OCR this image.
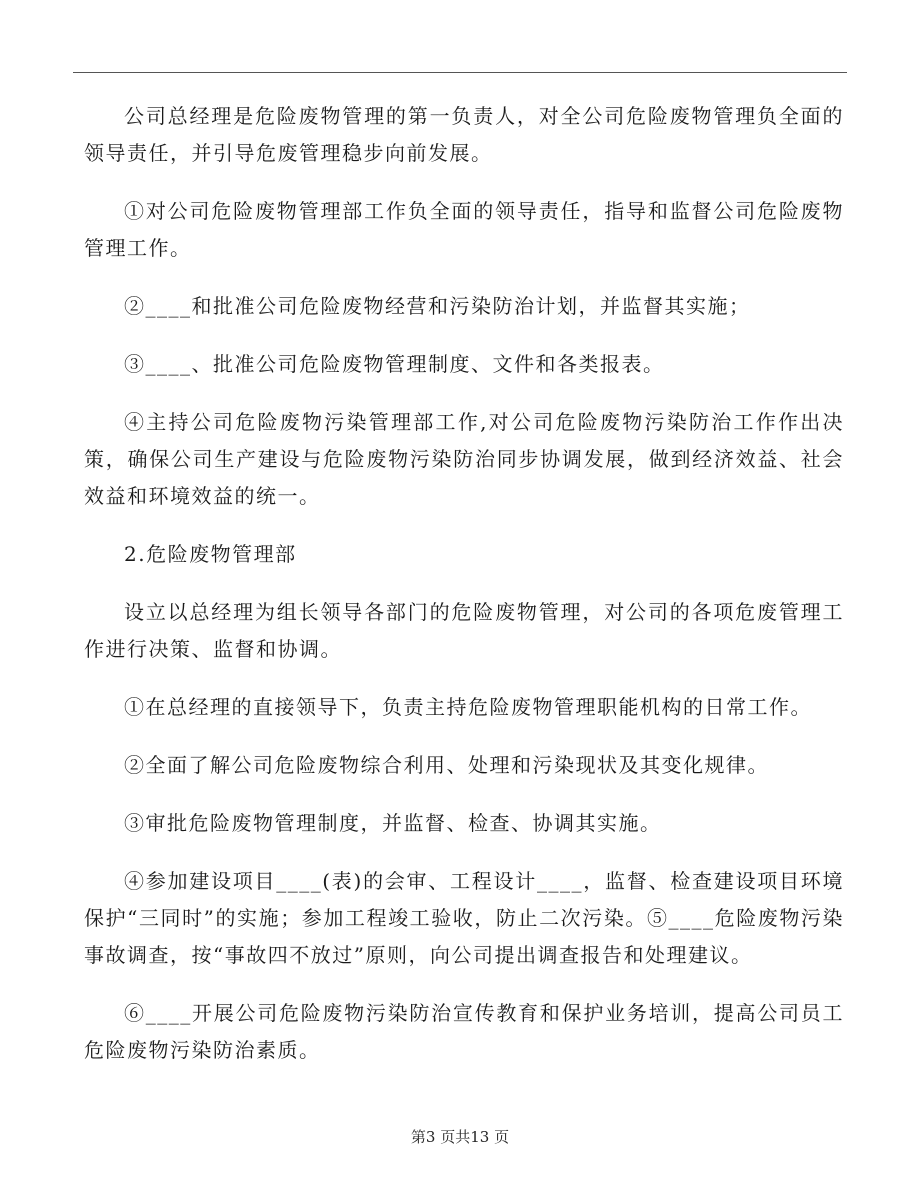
公司总经理是危险废物管理的第一负责人，对全公司危险废物管理负全面的领导责任，并引导危废管理稳步向前发展。

①对公司危险废物管理部工作负全面的领导责任，指导和监督公司危险废物管理工作。

②____和批准公司危险废物经营和污染防治计划，并监督其实施；

③____、批准公司危险废物管理制度、文件和各类报表。

④主持公司危险废物污染管理部工作,对公司危险废物污染防治工作作出决策，确保公司生产建设与危险废物污染防治同步协调发展，做到经济效益、社会效益和环境效益的统一。

2.危险废物管理部

设立以总经理为组长领导各部门的危险废物管理，对公司的各项危废管理工作进行决策、监督和协调。

①在总经理的直接领导下，负责主持危险废物管理职能机构的日常工作。

②全面了解公司危险废物综合利用、处理和污染现状及其变化规律。

③审批危险废物管理制度，并监督、检查、协调其实施。

④参加建设项目____(表)的会审、工程设计____，监督、检查建设项目环境保护“三同时”的实施；参加工程竣工验收，防止二次污染。⑤____危险废物污染事故调查，按“事故四不放过”原则，向公司提出调查报告和处理建议。

⑥____开展公司危险废物污染防治宣传教育和保护业务培训，提高公司员工危险废物污染防治素质。

第3 页共13 页
